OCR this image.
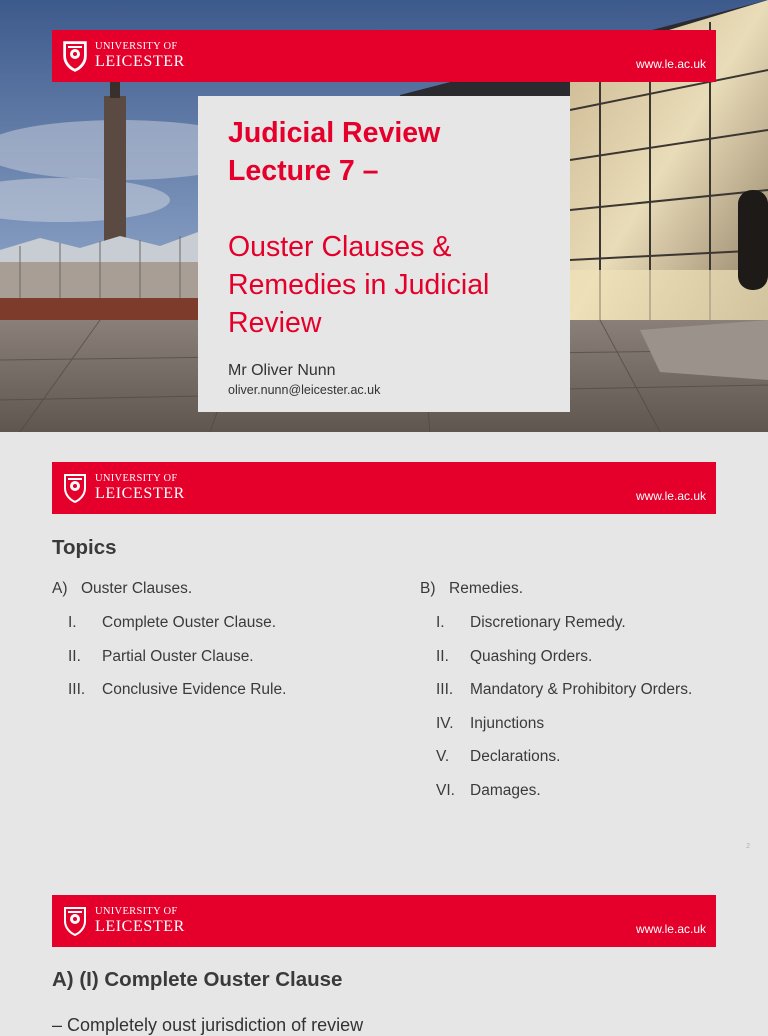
UNIVERSITY OF
LEICESTER	www.le.ac.uk
Judicial Review
Lecture 7 –
Ouster Clauses &
Remedies in Judicial
Review
Mr Oliver Nunn
oliver.nunn@leicester.ac.uk
UNIVERSITY OF
LEICESTER	www.le.ac.uk
Topics
A) Ouster Clauses.
I.	Complete Ouster Clause.
II.	Partial Ouster Clause.
III.	Conclusive Evidence Rule.
B) Remedies.
I.	Discretionary Remedy.
II.	Quashing Orders.
III.	Mandatory & Prohibitory Orders.
IV.	Injunctions
V.	Declarations.
VI. Damages.
2
UNIVERSITY OF
LEICESTER	www.le.ac.uk
A) (I) Complete Ouster Clause
– Completely oust jurisdiction of review
